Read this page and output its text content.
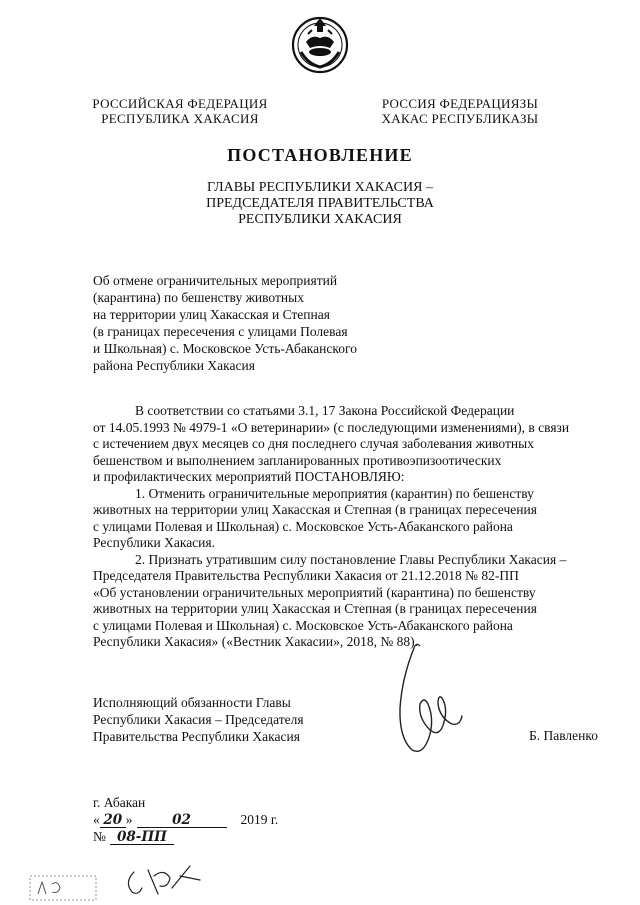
РОССИЙСКАЯ ФЕДЕРАЦИЯ
РЕСПУБЛИКА ХАКАСИЯ
РОССИЯ ФЕДЕРАЦИЯЗЫ
ХАКАС РЕСПУБЛИКАЗЫ
ПОСТАНОВЛЕНИЕ
ГЛАВЫ РЕСПУБЛИКИ ХАКАСИЯ –
ПРЕДСЕДАТЕЛЯ ПРАВИТЕЛЬСТВА
РЕСПУБЛИКИ ХАКАСИЯ
Об отмене ограничительных мероприятий
(карантина) по бешенству животных
на территории улиц Хакасская и Степная
(в границах пересечения с улицами Полевая
и Школьная) с. Московское Усть-Абаканского
района Республики Хакасия

В соответствии со статьями 3.1, 17 Закона Российской Федерации
от 14.05.1993 № 4979-1 «О ветеринарии» (с последующими изменениями), в связи
с истечением двух месяцев со дня последнего случая заболевания животных
бешенством и выполнением запланированных противоэпизоотических
и профилактических мероприятий ПОСТАНОВЛЯЮ:

1. Отменить ограничительные мероприятия (карантин) по бешенству
животных на территории улиц Хакасская и Степная (в границах пересечения
с улицами Полевая и Школьная) с. Московское Усть-Абаканского района
Республики Хакасия.

2. Признать утратившим силу постановление Главы Республики Хакасия –
Председателя Правительства Республики Хакасия от 21.12.2018 № 82-ПП
«Об установлении ограничительных мероприятий (карантина) по бешенству
животных на территории улиц Хакасская и Степная (в границах пересечения
с улицами Полевая и Школьная) с. Московское Усть-Абаканского района
Республики Хакасия» («Вестник Хакасии», 2018, № 88).

Исполняющий обязанности Главы
Республики Хакасия – Председателя
Правительства Республики Хакасия	Б. Павленко
г. Абакан
« 20 »	02	2019 г.
№ 08-ПП
